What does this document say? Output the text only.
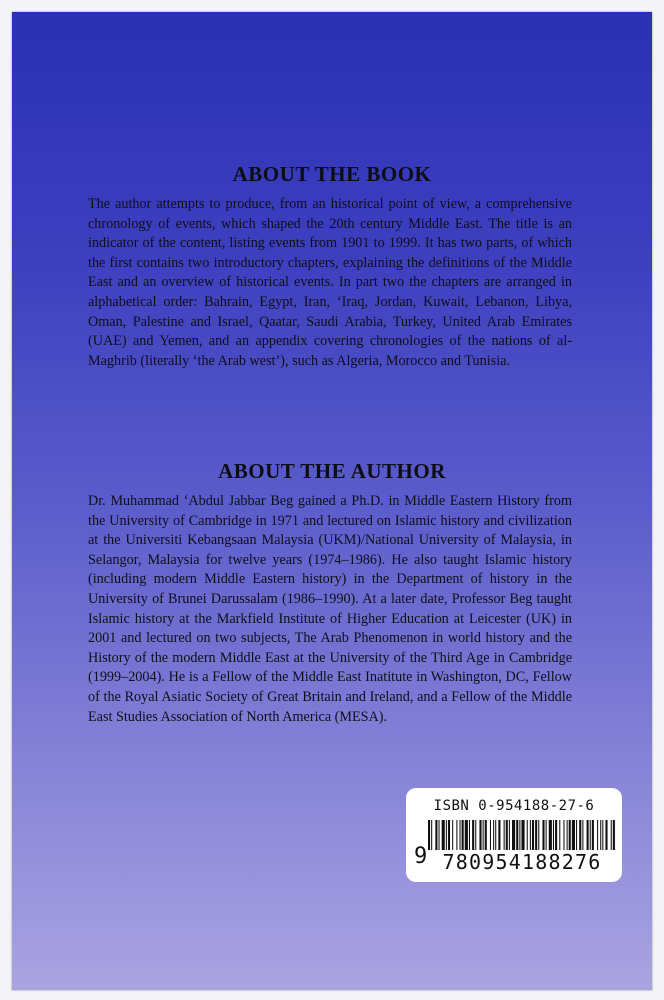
ABOUT THE BOOK

The author attempts to produce, from an historical point of view, a comprehensive chronology of events, which shaped the 20th century Middle East. The title is an indicator of the content, listing events from 1901 to 1999. It has two parts, of which the first contains two introductory chapters, explaining the definitions of the Middle East and an overview of historical events. In part two the chapters are arranged in alphabetical order: Bahrain, Egypt, Iran, ‘Iraq, Jordan, Kuwait, Lebanon, Libya, Oman, Palestine and Israel, Qaatar, Saudi Arabia, Turkey, United Arab Emirates (UAE) and Yemen, and an appendix covering chronologies of the nations of al-Maghrib (literally ‘the Arab west’), such as Algeria, Morocco and Tunisia.

ABOUT THE AUTHOR

Dr. Muhammad ‘Abdul Jabbar Beg gained a Ph.D. in Middle Eastern History from the University of Cambridge in 1971 and lectured on Islamic history and civilization at the Universiti Kebangsaan Malaysia (UKM)/National University of Malaysia, in Selangor, Malaysia for twelve years (1974–1986). He also taught Islamic history (including modern Middle Eastern history) in the Department of history in the University of Brunei Darussalam (1986–1990). At a later date, Professor Beg taught Islamic history at the Markfield Institute of Higher Education at Leicester (UK) in 2001 and lectured on two subjects, The Arab Phenomenon in world history and the History of the modern Middle East at the University of the Third Age in Cambridge (1999–2004). He is a Fellow of the Middle East Inatitute in Washington, DC, Fellow of the Royal Asiatic Society of Great Britain and Ireland, and a Fellow of the Middle East Studies Association of North America (MESA).

ISBN 0-954188-27-6
9 780954188276
